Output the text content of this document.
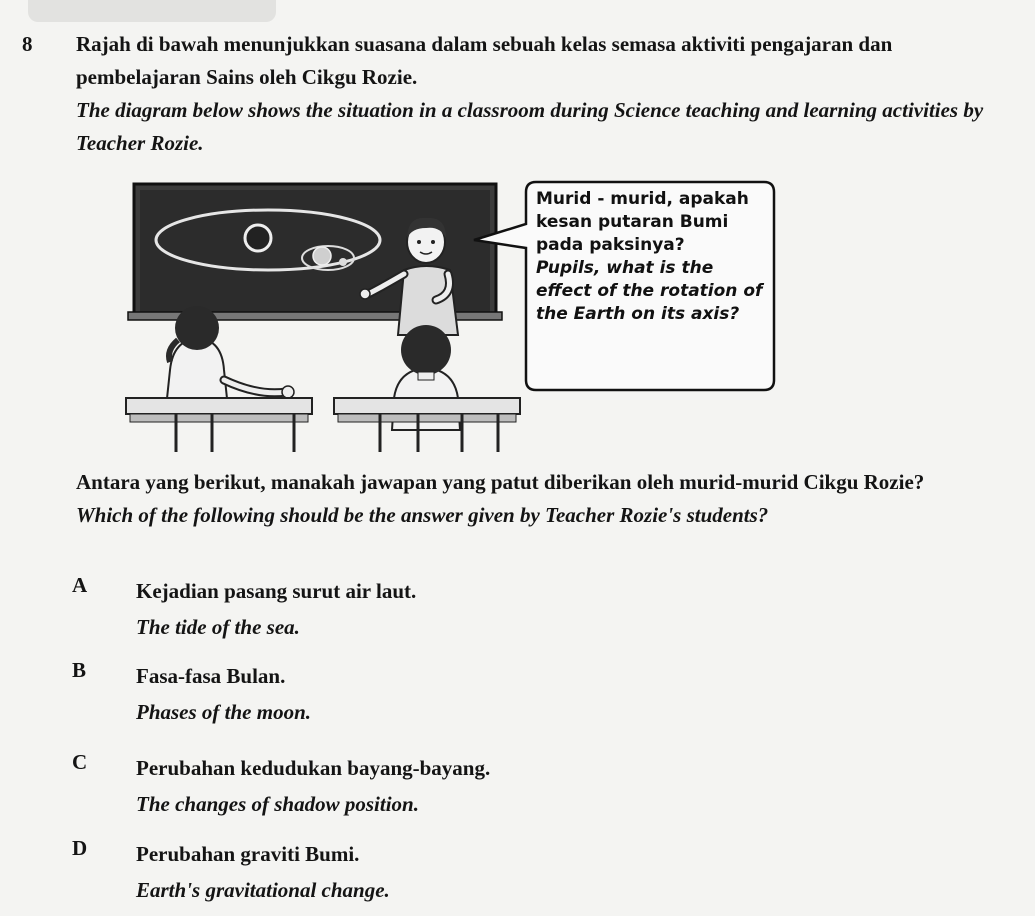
8 Rajah di bawah menunjukkan suasana dalam sebuah kelas semasa aktiviti pengajaran dan pembelajaran Sains oleh Cikgu Rozie.

The diagram below shows the situation in a classroom during Science teaching and learning activities by Teacher Rozie.

Murid - murid, apakah kesan putaran Bumi pada paksinya?
Pupils, what is the effect of the rotation of the Earth on its axis?

Antara yang berikut, manakah jawapan yang patut diberikan oleh murid-murid Cikgu Rozie?

Which of the following should be the answer given by Teacher Rozie's students?

A Kejadian pasang surut air laut.

The tide of the sea.

B Fasa-fasa Bulan.

Phases of the moon.

C Perubahan kedudukan bayang-bayang.

The changes of shadow position.

D Perubahan graviti Bumi.

Earth's gravitational change.
